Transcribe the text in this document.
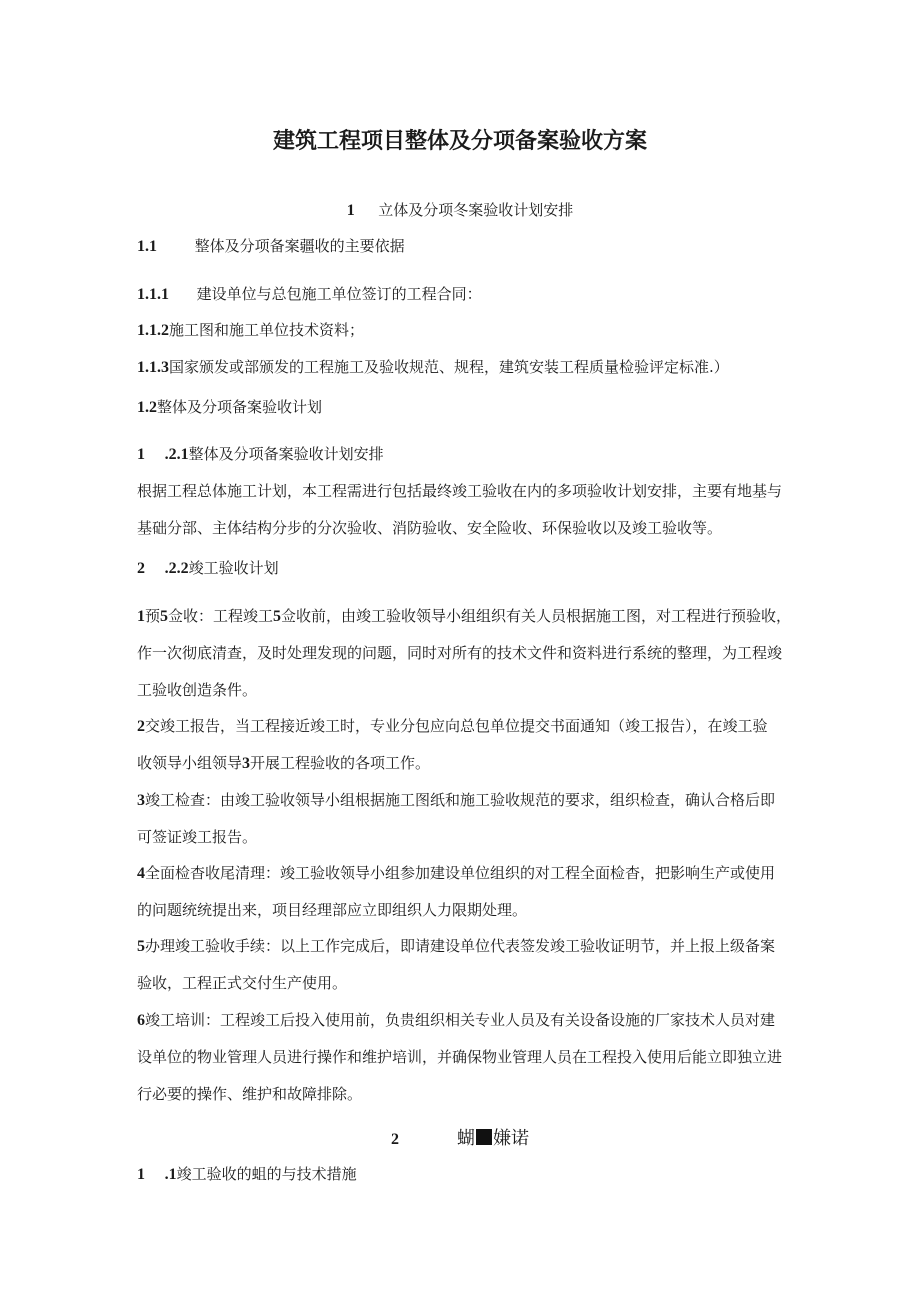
建筑工程项目整体及分项备案验收方案
1 立体及分项冬案验收计划安排
1.1	整体及分项备案疆收的主要依据
1.1.1 建设单位与总包施工单位签订的工程合同：
1.1.2施工图和施工单位技术资料；
1.1.3国家颁发或部颁发的工程施工及验收规范、规程，建筑安装工程质量检验评定标准.）
1.2整体及分项备案验收计划
1 .2.1整体及分项备案验收计划安排
根据工程总体施工计划，本工程需进行包括最终竣工验收在内的多项验收计划安排，主要有地基与
基础分部、主体结构分步的分次验收、消防验收、安全险收、环保验收以及竣工验收等。
2 .2.2竣工验收计划
1预5佥收：工程竣工5佥收前，由竣工验收领导小组组织有关人员根据施工图，对工程进行预验收，
作一次彻底清查，及时处理发现的问题，同时对所有的技术文件和资料进行系统的整理，为工程竣
工验收创造条件。
2交竣工报告，当工程接近竣工时，专业分包应向总包单位提交书面通知（竣工报告），在竣工验
收领导小组领导3开展工程验收的各项工作。
3竣工检查：由竣工验收领导小组根据施工图纸和施工验收规范的要求，组织检查，确认合格后即
可签证竣工报告。
4全面检杳收尾清理：竣工验收领导小组参加建设单位组织的对工程全面检杳，把影响生产或使用
的问题统统提出来，项目经理部应立即组织人力限期处理。
5办理竣工验收手续：以上工作完成后，即请建设单位代表签发竣工验收证明节，并上报上级备案
验收，工程正式交付生产使用。
6竣工培训：工程竣工后投入使用前，负贵组织相关专业人员及有关设备设施的厂家技术人员对建
设单位的物业管理人员进行操作和维护培训，并确保物业管理人员在工程投入使用后能立即独立进
行必要的操作、维护和故障排除。
2	蝴 嫌诺
1 .1竣工验收的蛆的与技术措施
